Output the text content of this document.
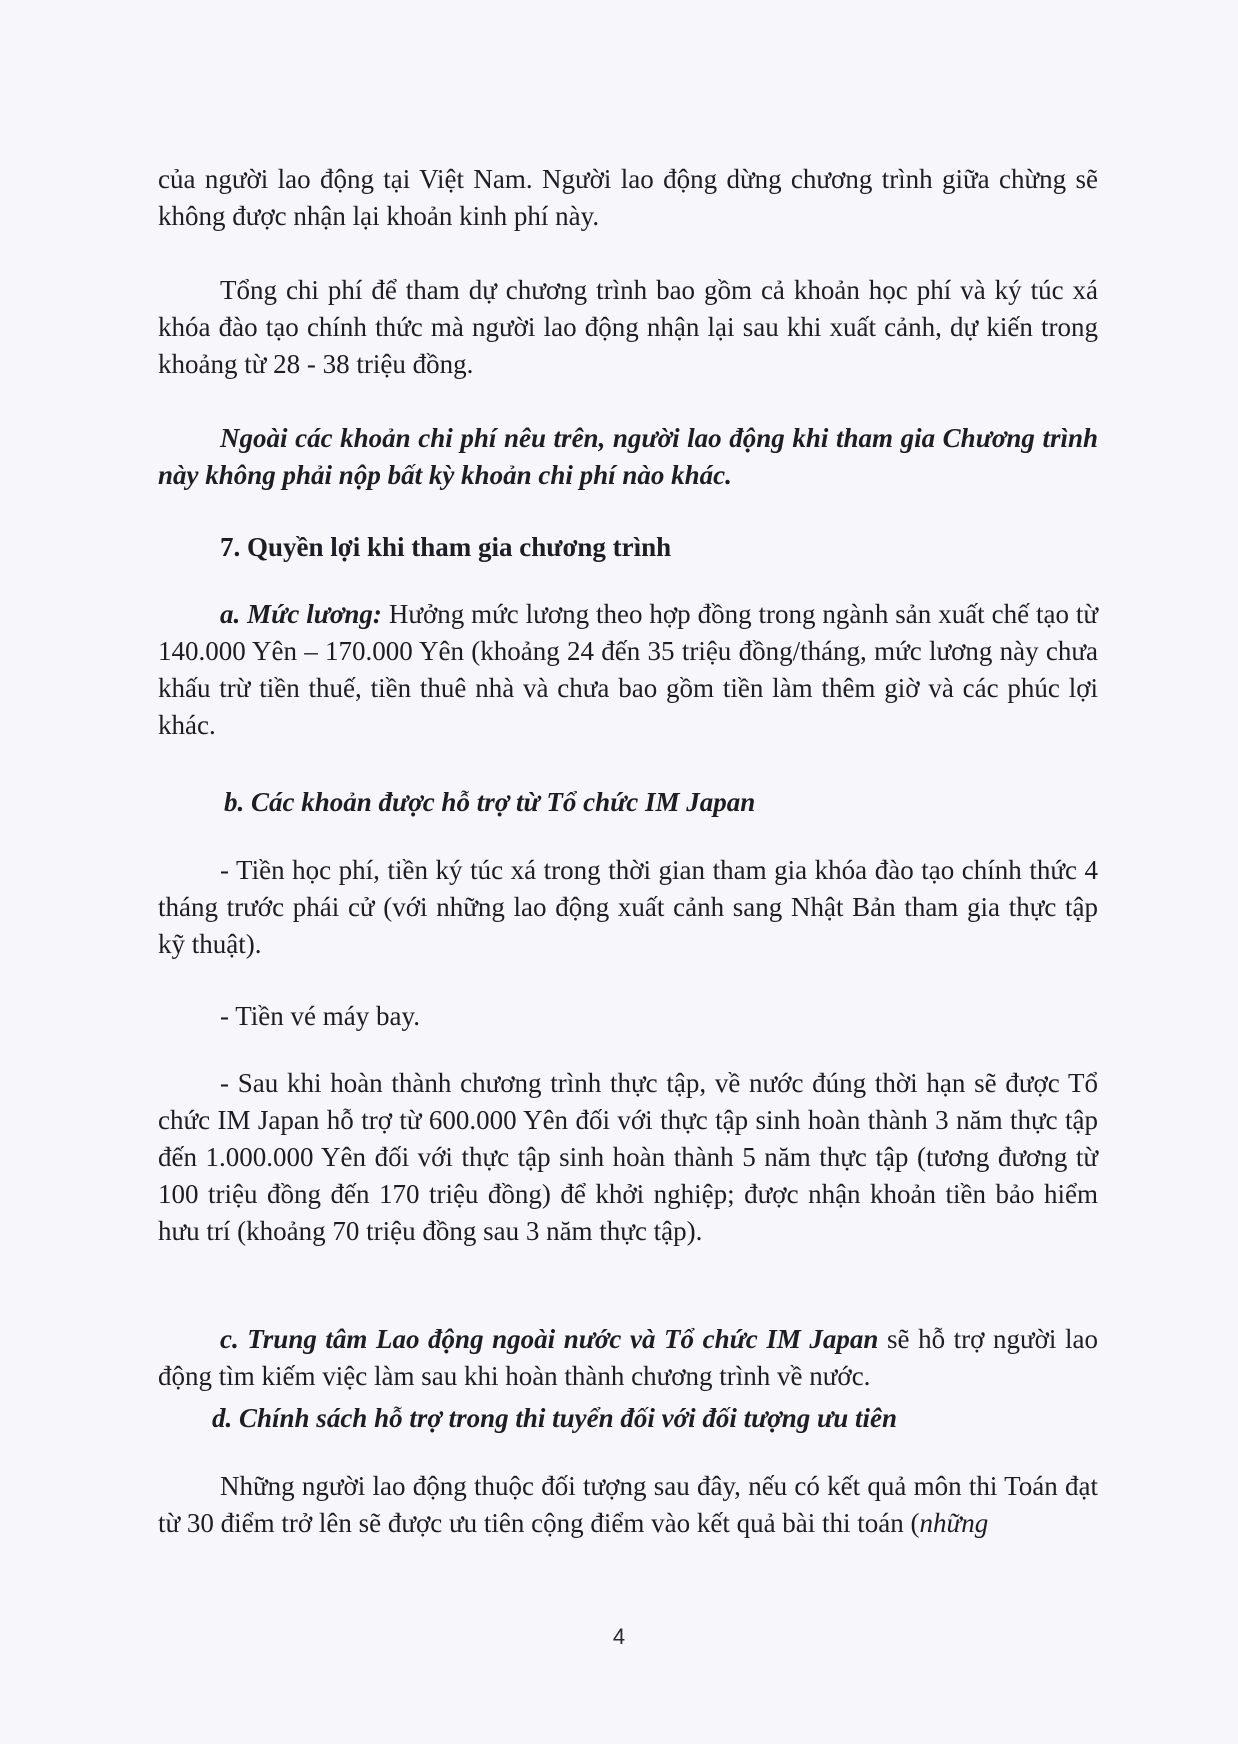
của người lao động tại Việt Nam. Người lao động dừng chương trình giữa chừng sẽ không được nhận lại khoản kinh phí này.

Tổng chi phí để tham dự chương trình bao gồm cả khoản học phí và ký túc xá khóa đào tạo chính thức mà người lao động nhận lại sau khi xuất cảnh, dự kiến trong khoảng từ 28 - 38 triệu đồng.

Ngoài các khoản chi phí nêu trên, người lao động khi tham gia Chương trình này không phải nộp bất kỳ khoản chi phí nào khác.

7. Quyền lợi khi tham gia chương trình

a. Mức lương: Hưởng mức lương theo hợp đồng trong ngành sản xuất chế tạo từ 140.000 Yên – 170.000 Yên (khoảng 24 đến 35 triệu đồng/tháng, mức lương này chưa khấu trừ tiền thuế, tiền thuê nhà và chưa bao gồm tiền làm thêm giờ và các phúc lợi khác.

b. Các khoản được hỗ trợ từ Tổ chức IM Japan

- Tiền học phí, tiền ký túc xá trong thời gian tham gia khóa đào tạo chính thức 4 tháng trước phái cử (với những lao động xuất cảnh sang Nhật Bản tham gia thực tập kỹ thuật).

- Tiền vé máy bay.

- Sau khi hoàn thành chương trình thực tập, về nước đúng thời hạn sẽ được Tổ chức IM Japan hỗ trợ từ 600.000 Yên đối với thực tập sinh hoàn thành 3 năm thực tập đến 1.000.000 Yên đối với thực tập sinh hoàn thành 5 năm thực tập (tương đương từ 100 triệu đồng đến 170 triệu đồng) để khởi nghiệp; được nhận khoản tiền bảo hiểm hưu trí (khoảng 70 triệu đồng sau 3 năm thực tập).

c. Trung tâm Lao động ngoài nước và Tổ chức IM Japan sẽ hỗ trợ người lao động tìm kiếm việc làm sau khi hoàn thành chương trình về nước.

d. Chính sách hỗ trợ trong thi tuyển đối với đối tượng ưu tiên

Những người lao động thuộc đối tượng sau đây, nếu có kết quả môn thi Toán đạt từ 30 điểm trở lên sẽ được ưu tiên cộng điểm vào kết quả bài thi toán (những

4
